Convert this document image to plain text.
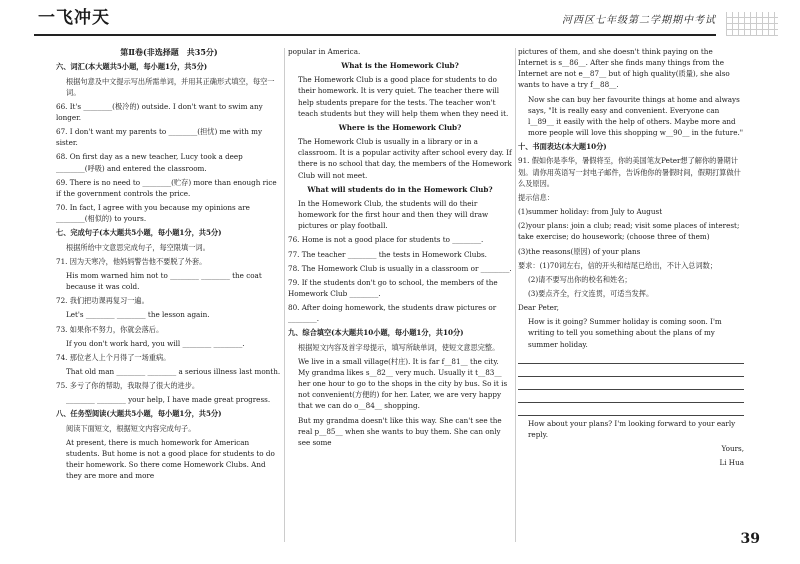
一飞冲天	河西区七年级第二学期期中考试

第Ⅱ卷(非选择题　共35分)

六、词汇(本大题共5小题，每小题1分，共5分)

根据句意及中文提示写出所需单词，并用其正确形式填空，每空一词。

66. It's ________(极冷的) outside. I don't want to swim any longer.

67. I don't want my parents to ________(担忧) me with my sister.

68. On first day as a new teacher, Lucy took a deep ________(呼吸) and entered the classroom.

69. There is no need to ________(贮存) more than enough rice if the government controls the price.

70. In fact, I agree with you because my opinions are ________(相似的) to yours.

七、完成句子(本大题共5小题，每小题1分，共5分)

根据所给中文意思完成句子，每空限填一词。

71. 因为天寒冷，他妈妈警告他不要脱了外套。

His mom warned him not to ________ ________ the coat because it was cold.

72. 我们把功课再复习一遍。

Let's ________ ________ the lesson again.

73. 如果你不努力，你就会落后。

If you don't work hard, you will ________ ________.

74. 那位老人上个月得了一场重病。

That old man ________ ________ a serious illness last month.

75. 多亏了你的帮助，我取得了很大的进步。

________ ________ your help, I have made great progress.

八、任务型阅读(大题共5小题，每小题1分，共5分)

阅读下面短文，根据短文内容完成句子。

At present, there is much homework for American students. But home is not a good place for students to do their homework. So there come Homework Clubs. And they are more and more

popular in America.

What is the Homework Club?

The Homework Club is a good place for students to do their homework. It is very quiet. The teacher there will help students prepare for the tests. The teacher won't teach students but they will help them when they need it.

Where is the Homework Club?

The Homework Club is usually in a library or in a classroom. It is a popular activity after school every day. If there is no school that day, the members of the Homework Club will not meet.

What will students do in the Homework Club?

In the Homework Club, the students will do their homework for the first hour and then they will draw pictures or play football.

76. Home is not a good place for students to ________.

77. The teacher ________ the tests in Homework Clubs.

78. The Homework Club is usually in a classroom or ________.

79. If the students don't go to school, the members of the Homework Club ________.

80. After doing homework, the students draw pictures or ________.

九、综合填空(本大题共10小题，每小题1分，共10分)

根据短文内容及首字母提示，填写所缺单词，使短文意思完整。

We live in a small village(村庄). It is far f__81__ the city. My grandma likes s__82__ very much. Usually it t__83__ her one hour to go to the shops in the city by bus. So it is not convenient(方便的) for her. Later, we are very happy that we can do o__84__ shopping.

But my grandma doesn't like this way. She can't see the real p__85__ when she wants to buy them. She can only see some

pictures of them, and she doesn't think paying on the Internet is s__86__. After she finds many things from the Internet are not e__87__ but of high quality(质量), she also wants to have a try f__88__.

Now she can buy her favourite things at home and always says, "It is really easy and convenient. Everyone can l__89__ it easily with the help of others. Maybe more and more people will love this shopping w__90__ in the future."

十、书面表达(本大题10分)

91. 假如你是李华，暑假将至，你的美国笔友Peter想了解你的暑期计划。请你用英语写一封电子邮件，告诉他你的暑假时间，假期打算做什么及原因。

提示信息：

(1)summer holiday: from July to August

(2)your plans: join a club; read; visit some places of interest; take exercise; do housework; (choose three of them)

(3)the reasons(原因) of your plans

要求：(1)70词左右，信的开头和结尾已给出，不计入总词数；

(2)请不要写出你的校名和姓名；

(3)要点齐全，行文连贯，可适当发挥。

Dear Peter,

How is it going? Summer holiday is coming soon. I'm writing to tell you something about the plans of my summer holiday.

How about your plans? I'm looking forward to your early reply.

Yours,

Li Hua

39
